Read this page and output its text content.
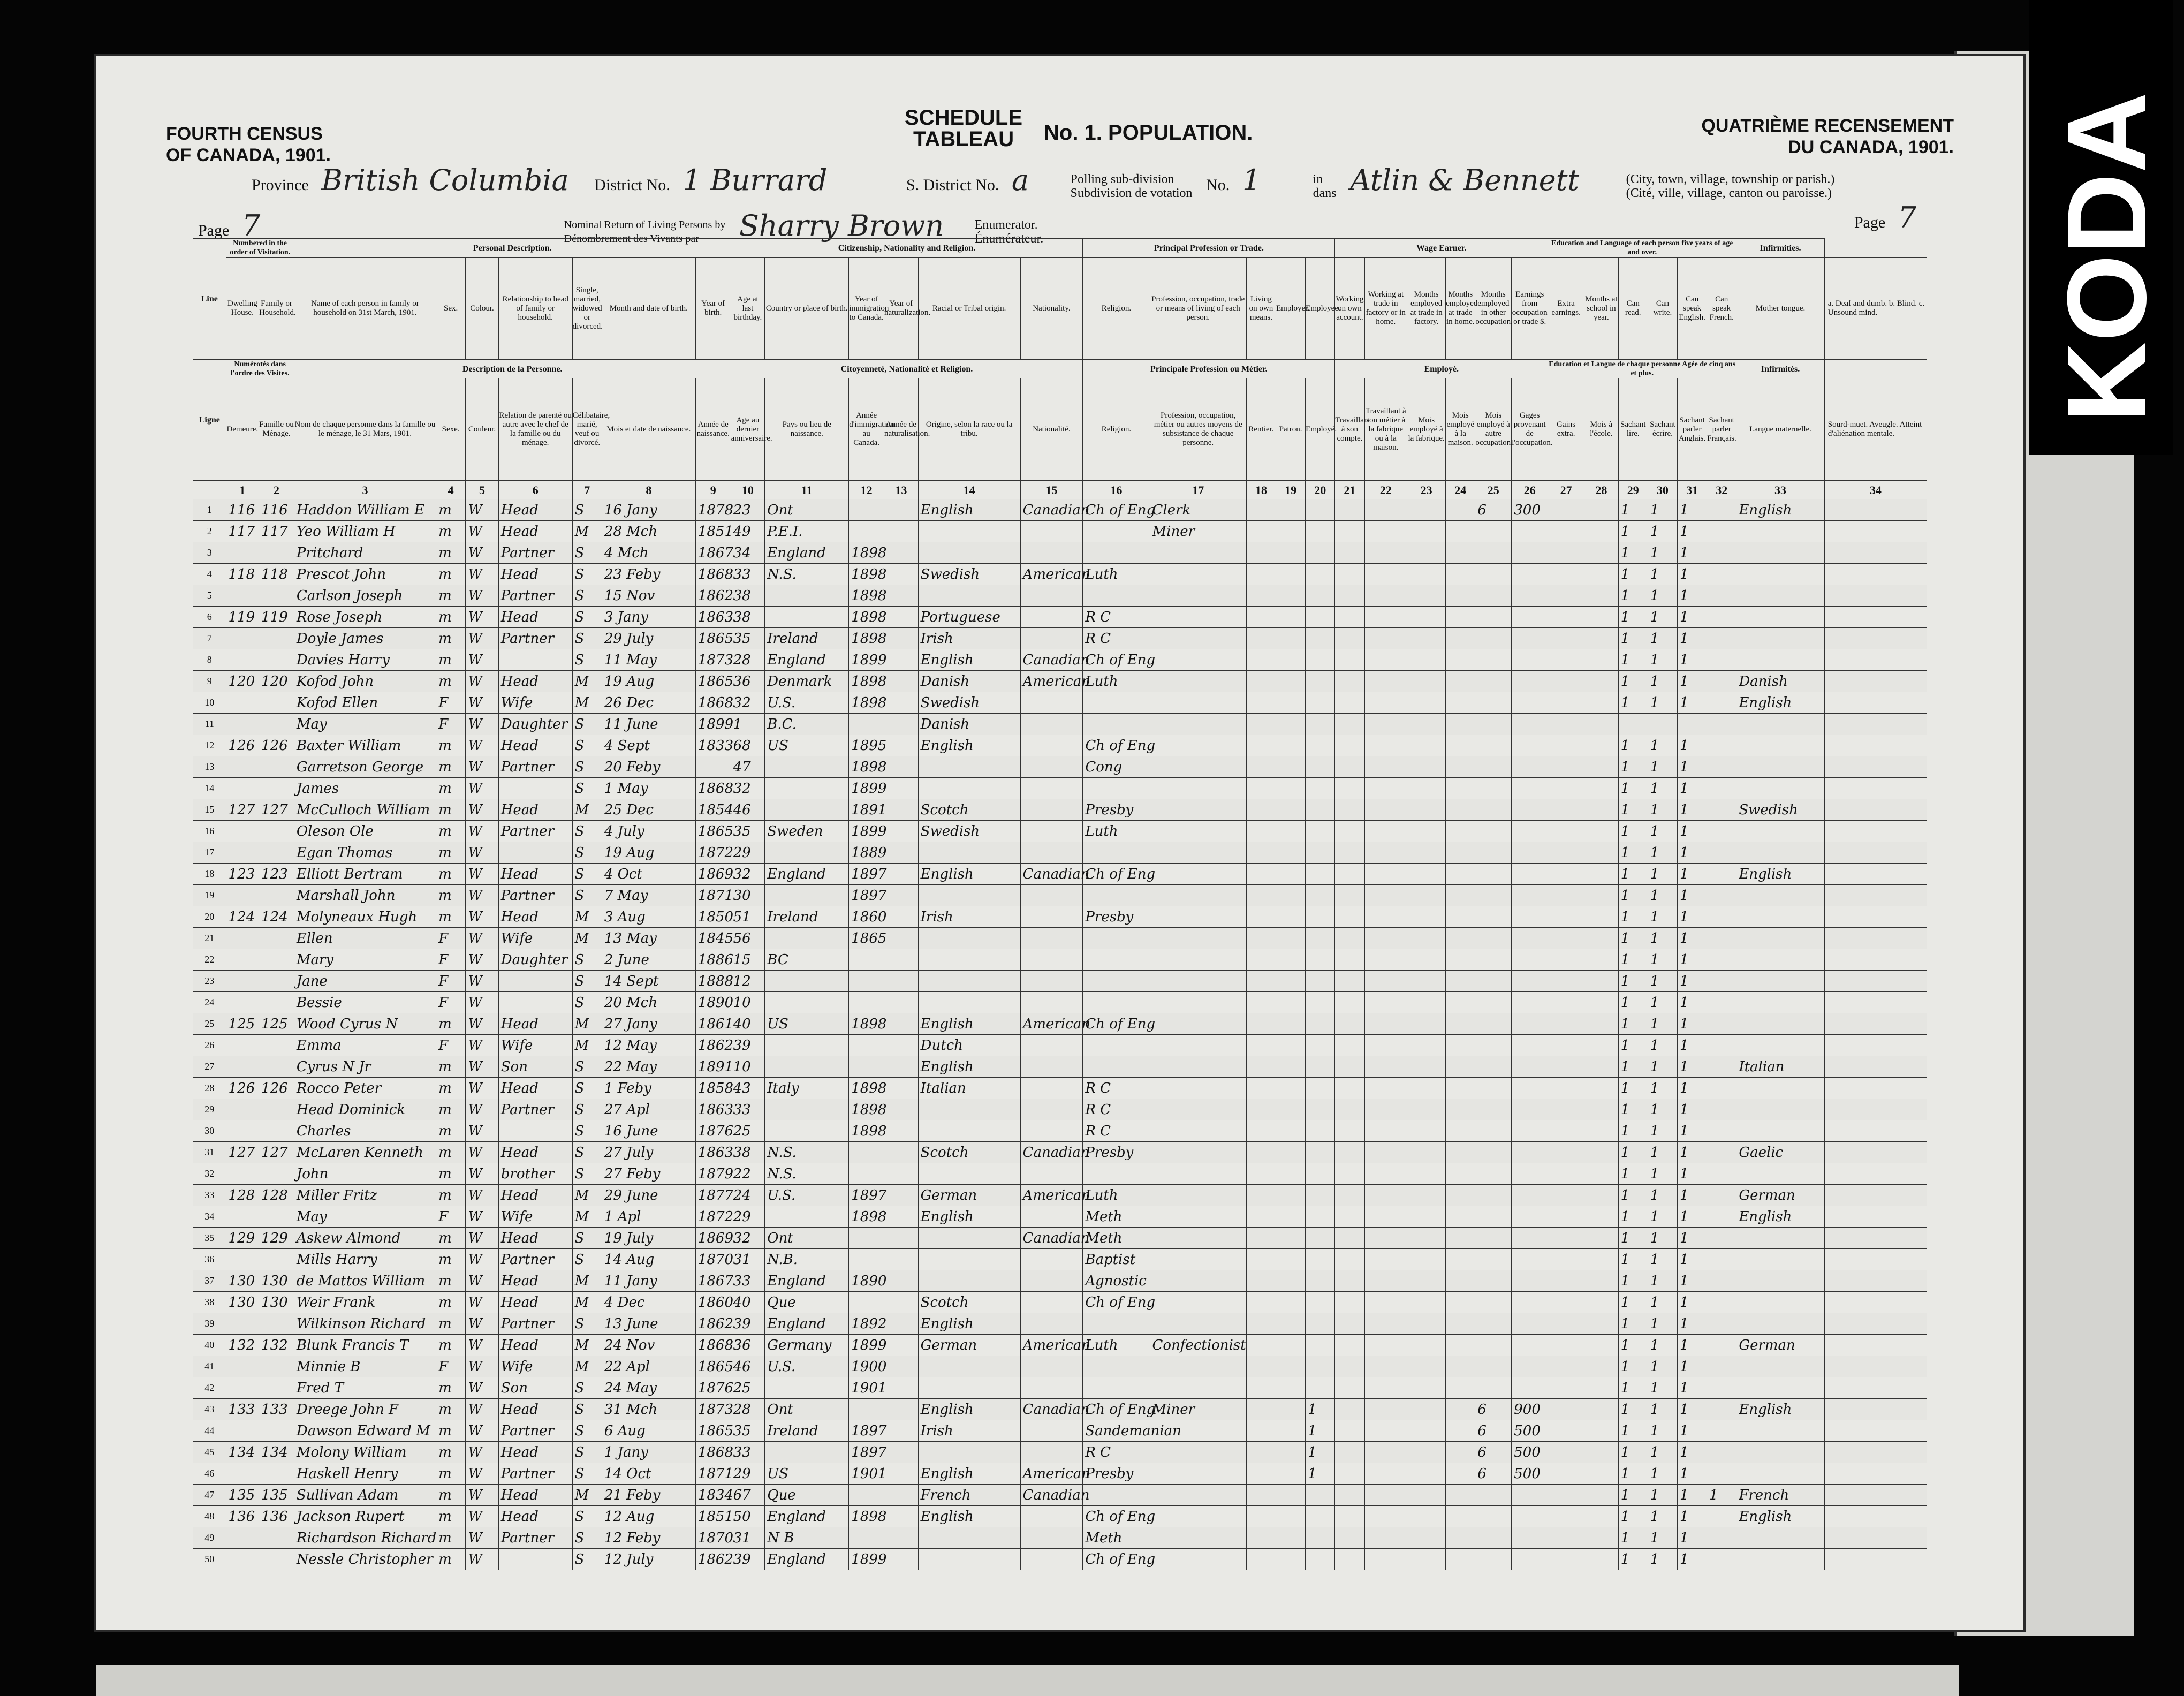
KODA
FOURTH CENSUS
OF CANADA, 1901.
SCHEDULE
TABLEAU	No. 1. POPULATION.	QUATRIÈME RECENSEMENT
DU CANADA, 1901.
Province British Columbia District No. 1 Burrard	S. District No. a	Polling sub-division
Subdivision de votation No. 1	in
dans Atlin & Bennett	(City, town, village, township or parish.)
(Cité, ville, village, canton ou paroisse.)
Page 7	Nominal Return of Living Persons by
Dénombrement des Vivants par Sharry Brown Enumerator.
Énumérateur.
Page 7
Line	Numbered in the order of Visitation.		Personal Description.							Citizenship, Nationality and Religion.						Principal Profession or Trade.					Wage Earner.						Education and Language of each person five years of age and over.						Infirmities.	
	Dwelling House.	Family or Household.	Name of each person in family or household on 31st March, 1901.	Sex.	Colour.	Relationship to head of family or household.	Single, married, widowed or divorced.	Month and date of birth.	Year of birth.	Age at last birthday.	Country or place of birth.	Year of immigration to Canada.	Year of naturalization.	Racial or Tribal origin.	Nationality.	Religion.	Profession, occupation, trade or means of living of each person.	Living on own means.	Employer.	Employee.	Working on own account.	Working at trade in factory or in home.	Months employed at trade in factory.	Months employed at trade in home.	Months employed in other occupation.	Earnings from occupation or trade $.	Extra earnings.	Months at school in year.	Can read.	Can write.	Can speak English.	Can speak French.	Mother tongue.	a. Deaf and dumb. b. Blind. c. Unsound mind.
Ligne	Numérotés dans l'ordre des Visites.		Description de la Personne.							Citoyenneté, Nationalité et Religion.						Principale Profession ou Métier.					Employé.						Education et Langue de chaque personne Agée de cinq ans et plus.						Infirmités.	
	Demeure.	Famille ou Ménage.	Nom de chaque personne dans la famille ou le ménage, le 31 Mars, 1901.	Sexe.	Couleur.	Relation de parenté ou autre avec le chef de la famille ou du ménage.	Célibataire, marié, veuf ou divorcé.	Mois et date de naissance.	Année de naissance.	Age au dernier anniversaire.	Pays ou lieu de naissance.	Année d'immigration au Canada.	Année de naturalisation.	Origine, selon la race ou la tribu.	Nationalité.	Religion.	Profession, occupation, métier ou autres moyens de subsistance de chaque personne.	Rentier.	Patron.	Employé.	Travaillant à son compte.	Travaillant à son métier à la fabrique ou à la maison.	Mois employé à la fabrique.	Mois employé à la maison.	Mois employé à autre occupation.	Gages provenant de l'occupation.	Gains extra.	Mois à l'école.	Sachant lire.	Sachant écrire.	Sachant parler Anglais.	Sachant parler Français.	Langue maternelle.	Sourd-muet. Aveugle. Atteint d'aliénation mentale.
	1	2	3	4	5	6	7	8	9	10	11	12	13	14	15	16	17	18	19	20	21	22	23	24	25	26	27	28	29	30	31	32	33	34
1	116	116	Haddon William E	m	W	Head	S	16 Jany	1878	23	Ont			English	Canadian	Ch of Eng	Clerk								6	300			1	1	1		English	
2	117	117	Yeo William H	m	W	Head	M	28 Mch	1851	49	P.E.I.						Miner												1	1	1			
3			Pritchard	m	W	Partner	S	4 Mch	1867	34	England	1898																	1	1	1			
4	118	118	Prescot John	m	W	Head	S	23 Feby	1868	33	N.S.	1898		Swedish	American	Luth													1	1	1			
5			Carlson Joseph	m	W	Partner	S	15 Nov	1862	38		1898																	1	1	1			
6	119	119	Rose Joseph	m	W	Head	S	3 Jany	1863	38		1898		Portuguese		R C													1	1	1			
7			Doyle James	m	W	Partner	S	29 July	1865	35	Ireland	1898		Irish		R C													1	1	1			
8			Davies Harry	m	W		S	11 May	1873	28	England	1899		English	Canadian	Ch of Eng													1	1	1			
9	120	120	Kofod John	m	W	Head	M	19 Aug	1865	36	Denmark	1898		Danish	American	Luth													1	1	1		Danish	
10			Kofod Ellen	F	W	Wife	M	26 Dec	1868	32	U.S.	1898		Swedish															1	1	1		English	
11			May	F	W	Daughter	S	11 June	1899	1	B.C.			Danish																				
12	126	126	Baxter William	m	W	Head	S	4 Sept	1833	68	US	1895		English		Ch of Eng													1	1	1			
13			Garretson George	m	W	Partner	S	20 Feby		47		1898				Cong													1	1	1			
14			James	m	W		S	1 May	1868	32		1899																	1	1	1			
15	127	127	McCulloch William	m	W	Head	M	25 Dec	1854	46		1891		Scotch		Presby													1	1	1		Swedish	
16			Oleson Ole	m	W	Partner	S	4 July	1865	35	Sweden	1899		Swedish		Luth													1	1	1			
17			Egan Thomas	m	W		S	19 Aug	1872	29		1889																	1	1	1			
18	123	123	Elliott Bertram	m	W	Head	S	4 Oct	1869	32	England	1897		English	Canadian	Ch of Eng													1	1	1		English	
19			Marshall John	m	W	Partner	S	7 May	1871	30		1897																	1	1	1			
20	124	124	Molyneaux Hugh	m	W	Head	M	3 Aug	1850	51	Ireland	1860		Irish		Presby													1	1	1			
21			Ellen	F	W	Wife	M	13 May	1845	56		1865																	1	1	1			
22			Mary	F	W	Daughter	S	2 June	1886	15	BC																		1	1	1			
23			Jane	F	W		S	14 Sept	1888	12																			1	1	1			
24			Bessie	F	W		S	20 Mch	1890	10																			1	1	1			
25	125	125	Wood Cyrus N	m	W	Head	M	27 Jany	1861	40	US	1898		English	American	Ch of Eng													1	1	1			
26			Emma	F	W	Wife	M	12 May	1862	39				Dutch															1	1	1			
27			Cyrus N Jr	m	W	Son	S	22 May	1891	10				English															1	1	1		Italian	
28	126	126	Rocco Peter	m	W	Head	S	1 Feby	1858	43	Italy	1898		Italian		R C													1	1	1			
29			Head Dominick	m	W	Partner	S	27 Apl	1863	33		1898				R C													1	1	1			
30			Charles	m	W		S	16 June	1876	25		1898				R C													1	1	1			
31	127	127	McLaren Kenneth	m	W	Head	S	27 July	1863	38	N.S.			Scotch	Canadian	Presby													1	1	1		Gaelic	
32			John	m	W	brother	S	27 Feby	1879	22	N.S.																		1	1	1			
33	128	128	Miller Fritz	m	W	Head	M	29 June	1877	24	U.S.	1897		German	American	Luth													1	1	1		German	
34			May	F	W	Wife	M	1 Apl	1872	29		1898		English		Meth													1	1	1		English	
35	129	129	Askew Almond	m	W	Head	S	19 July	1869	32	Ont				Canadian	Meth													1	1	1			
36			Mills Harry	m	W	Partner	S	14 Aug	1870	31	N.B.					Baptist													1	1	1			
37	130	130	de Mattos William	m	W	Head	M	11 Jany	1867	33	England	1890				Agnostic													1	1	1			
38	130	130	Weir Frank	m	W	Head	M	4 Dec	1860	40	Que			Scotch		Ch of Eng													1	1	1			
39			Wilkinson Richard	m	W	Partner	S	13 June	1862	39	England	1892		English															1	1	1			
40	132	132	Blunk Francis T	m	W	Head	M	24 Nov	1868	36	Germany	1899		German	American	Luth	Confectionist												1	1	1		German	
41			Minnie B	F	W	Wife	M	22 Apl	1865	46	U.S.	1900																	1	1	1			
42			Fred T	m	W	Son	S	24 May	1876	25		1901																	1	1	1			
43	133	133	Dreege John F	m	W	Head	S	31 Mch	1873	28	Ont			English	Canadian	Ch of Eng	Miner			1					6	900			1	1	1		English	
44			Dawson Edward M	m	W	Partner	S	6 Aug	1865	35	Ireland	1897		Irish		Sandemanian				1					6	500			1	1	1			
45	134	134	Molony William	m	W	Head	S	1 Jany	1868	33		1897				R C				1					6	500			1	1	1			
46			Haskell Henry	m	W	Partner	S	14 Oct	1871	29	US	1901		English	American	Presby				1					6	500			1	1	1			
47	135	135	Sullivan Adam	m	W	Head	M	21 Feby	1834	67	Que			French	Canadian														1	1	1	1	French	
48	136	136	Jackson Rupert	m	W	Head	S	12 Aug	1851	50	England	1898		English		Ch of Eng													1	1	1		English	
49			Richardson Richard	m	W	Partner	S	12 Feby	1870	31	N B					Meth													1	1	1			
50			Nessle Christopher	m	W		S	12 July	1862	39	England	1899				Ch of Eng													1	1	1			
